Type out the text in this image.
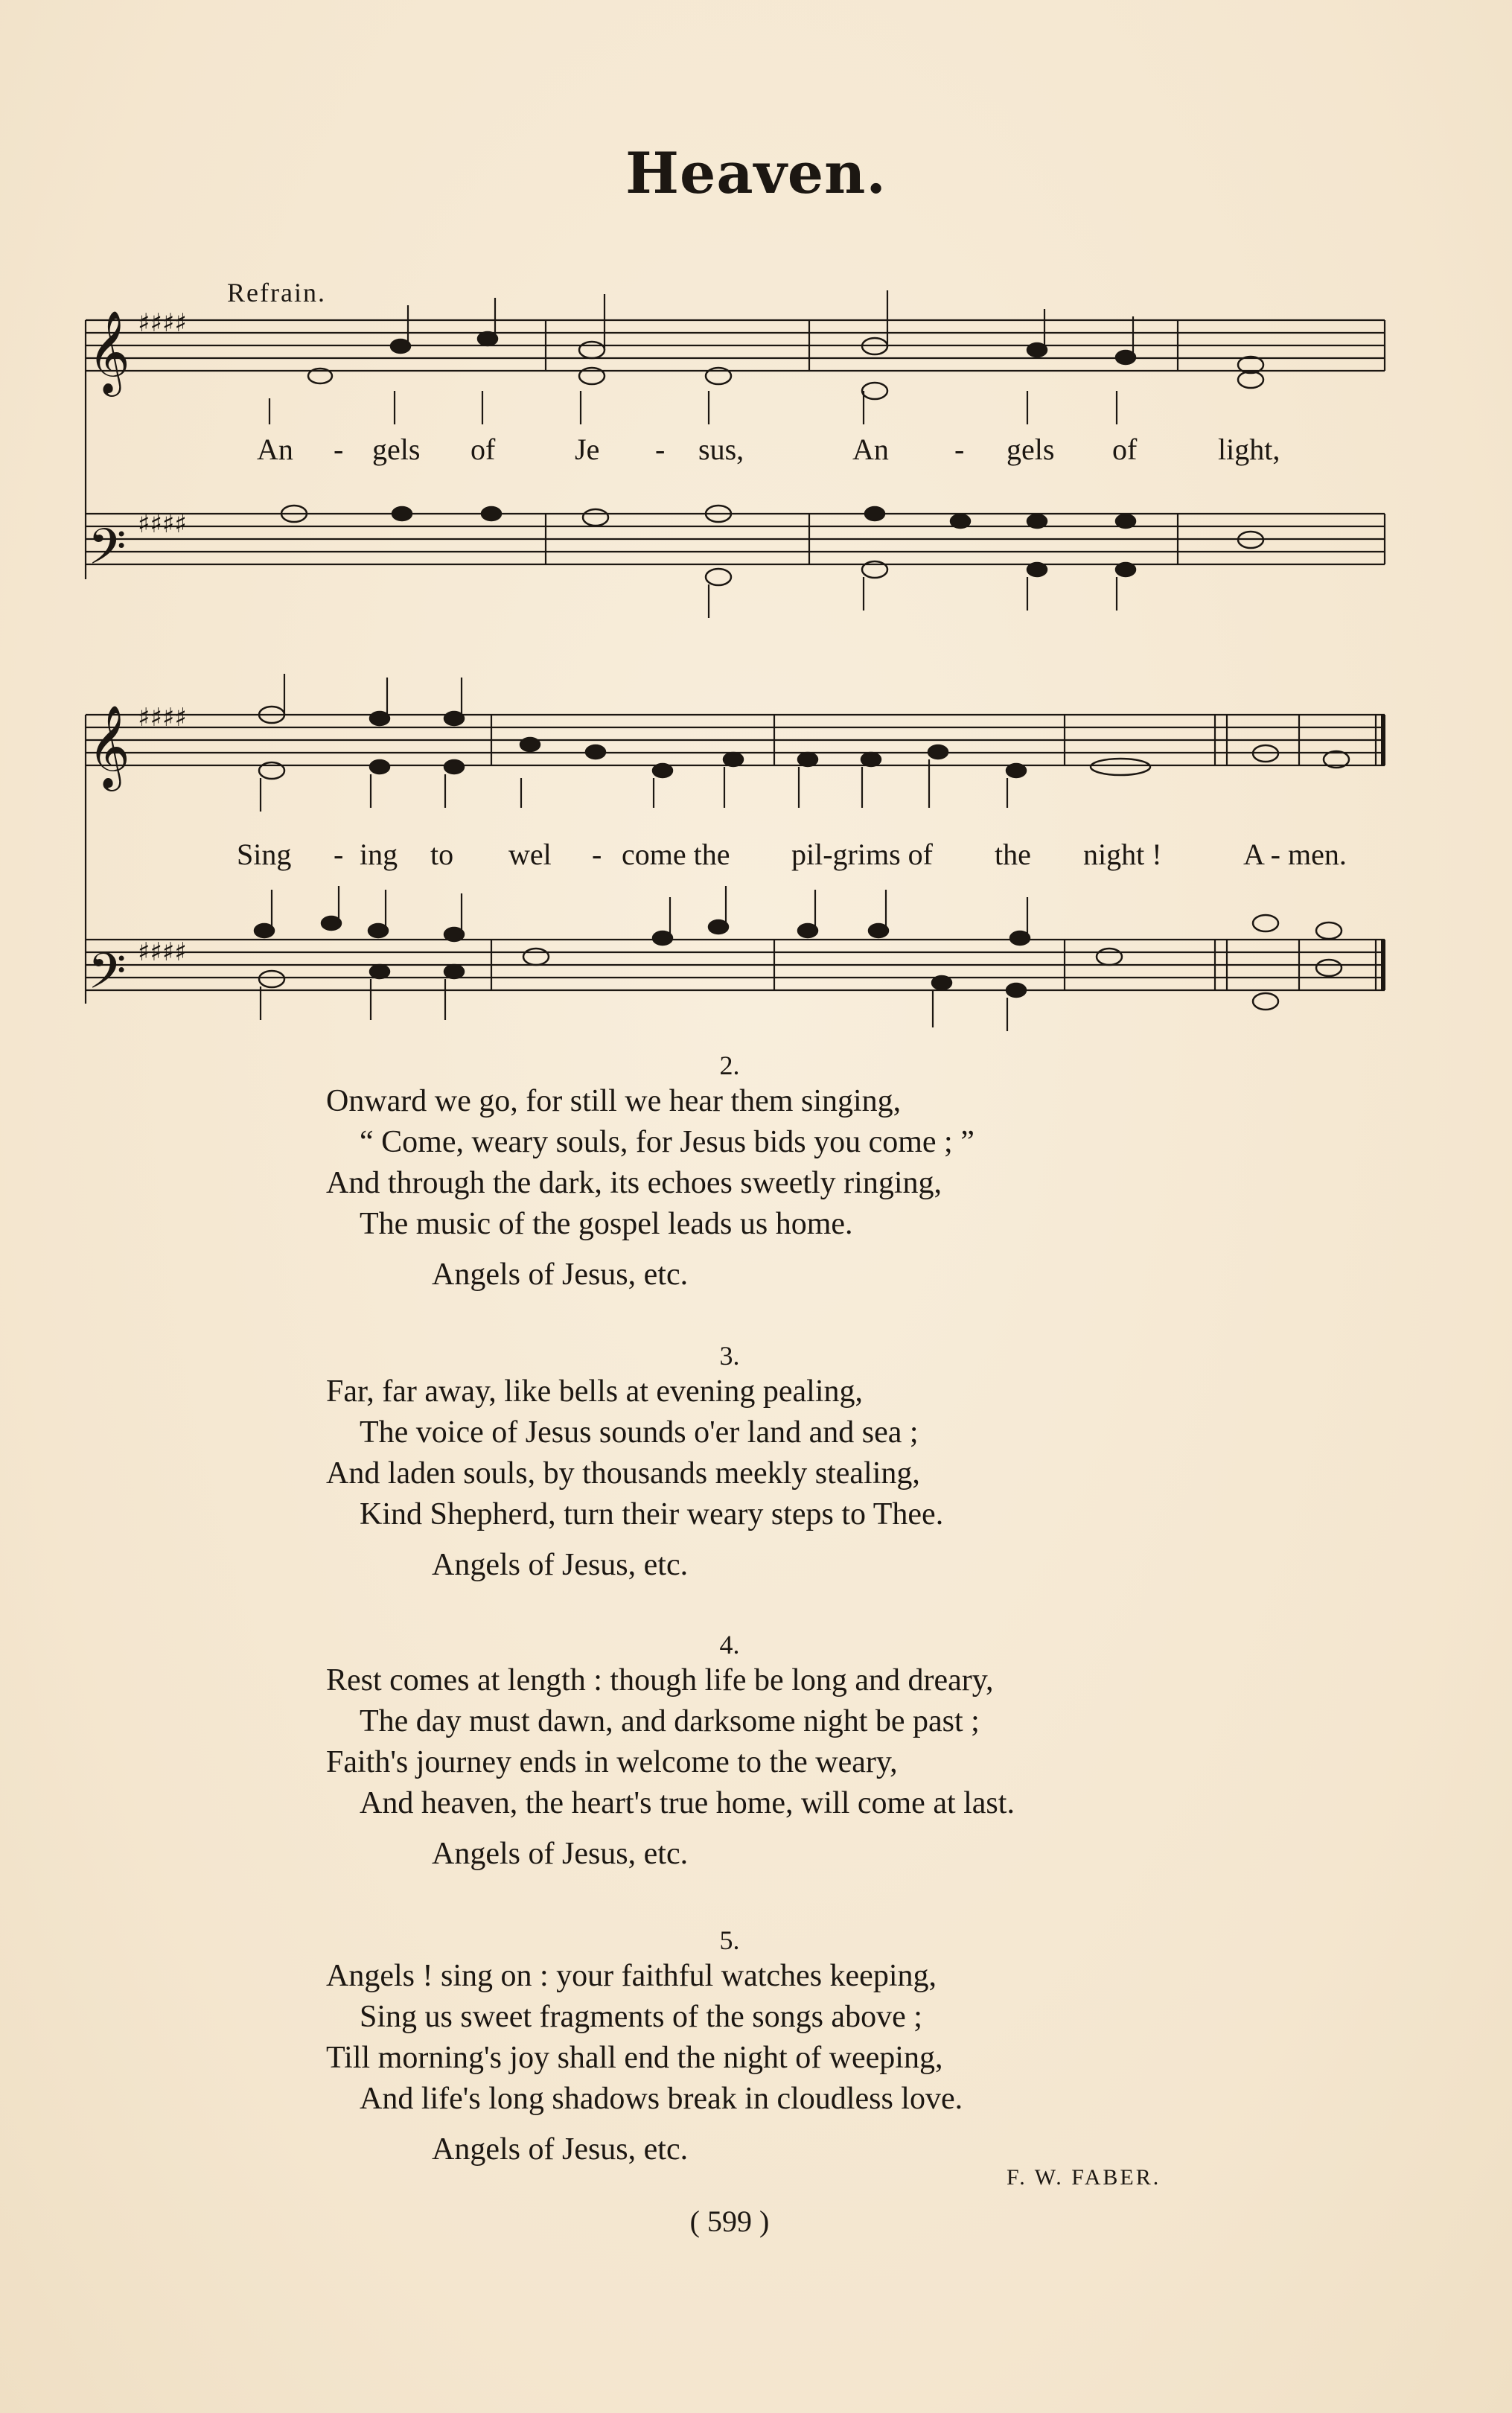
Heaven.
Refrain.
𝄞
𝄢
𝄞
𝄢
♯♯♯♯
♯♯♯♯
♯♯♯♯
♯♯♯♯
An - gels of	Je - sus,	An - gels of	light,
Sing - ing to wel - come the pil-grims of the night !	A - men.
2.
Onward we go, for still we hear them singing,
“ Come, weary souls, for Jesus bids you come ; ”
And through the dark, its echoes sweetly ringing,
The music of the gospel leads us home.
Angels of Jesus, etc.
3.
Far, far away, like bells at evening pealing,
The voice of Jesus sounds o'er land and sea ;
And laden souls, by thousands meekly stealing,
Kind Shepherd, turn their weary steps to Thee.
Angels of Jesus, etc.
4.
Rest comes at length : though life be long and dreary,
The day must dawn, and darksome night be past ;
Faith's journey ends in welcome to the weary,
And heaven, the heart's true home, will come at last.
Angels of Jesus, etc.
5.
Angels ! sing on : your faithful watches keeping,
Sing us sweet fragments of the songs above ;
Till morning's joy shall end the night of weeping,
And life's long shadows break in cloudless love.
Angels of Jesus, etc.
F. W. FABER.
( 599 )
